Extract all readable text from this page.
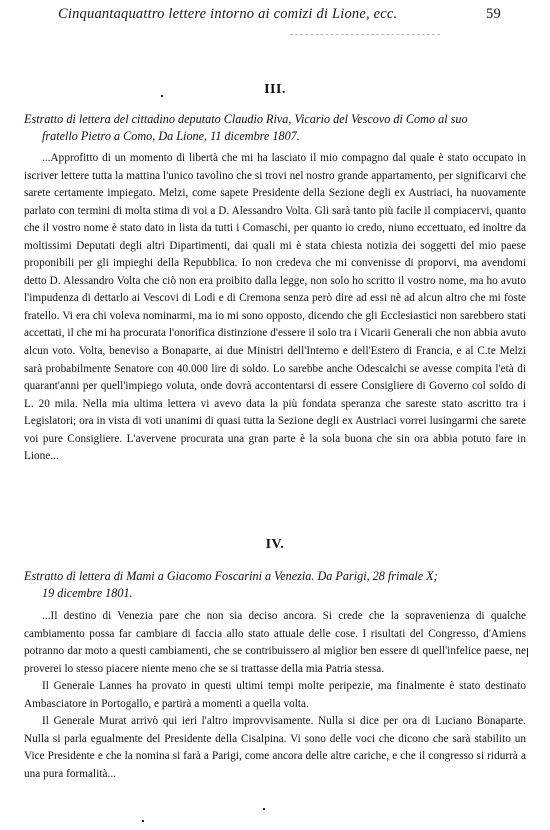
Cinquantaquattro lettere intorno ai comizi di Lione, ecc.	59
III.
Estratto di lettera del cittadino deputato Claudio Riva, Vicario del Vescovo di Como al suo
fratello Pietro a Como, Da Lione, 11 dicembre 1807.

...Approfitto di un momento di libertà che mi ha lasciato il mio compagno dal quale è stato occupato in iscriver lettere tutta la mattina l'unico tavolino che si trovi nel nostro grande appartamento, per significarvi che sarete certamente impiegato. Melzi, come sapete Presidente della Sezione degli ex Austriaci, ha nuovamente parlato con termini di molta stima di voi a D. Alessandro Volta. Gli sarà tanto più facile il compiacervi, quanto che il vostro nome è stato dato in lista da tutti i Comaschi, per quanto io credo, niuno eccettuato, ed inoltre da moltissimi Deputati degli altri Dipartimenti, dai quali mi è stata chiesta notizia dei soggetti del mio paese proponibili per gli impieghi della Repubblica. Io non credeva che mi convenisse di proporvi, ma avendomi detto D. Alessandro Volta che ciò non era proibito dalla legge, non solo ho scritto il vostro nome, ma ho avuto l'impudenza di dettarlo ai Vescovi di Lodi e di Cremona senza però dire ad essi nè ad alcun altro che mi foste fratello. Vi era chi voleva nominarmi, ma io mi sono opposto, dicendo che gli Ecclesiastici non sarebbero stati accettati, il che mi ha procurata l'onorifica distinzione d'essere il solo tra i Vicarii Generali che non abbia avuto alcun voto. Volta, beneviso a Bonaparte, ai due Ministri dell'Interno e dell'Estero di Francia, e al C.te Melzi sarà probabilmente Senatore con 40.000 lire di soldo. Lo sarebbe anche Odescalchi se avesse compita l'età di quarant'anni per quell'impiego voluta, onde dovrà accontentarsi di essere Consigliere di Governo col soldo di L. 20 mila. Nella mia ultima lettera vi avevo data la più fondata speranza che sareste stato ascritto tra i Legislatori; ora in vista di voti unanimi di quasi tutta la Sezione degli ex Austriaci vorrei lusingarmi che sarete voi pure Consigliere. L'avervene procurata una gran parte è la sola buona che sin ora abbia potuto fare in Lione...

IV.
Estratto di lettera di Mami a Giacomo Foscarini a Venezia. Da Parigi, 28 frimale X;
19 dicembre 1801.

...Il destino di Venezia pare che non sia deciso ancora. Si crede che la sopravenienza di qualche cambiamento possa far cambiare di faccia allo stato attuale delle cose. I risultati del Congresso, d'Amiens potranno dar moto a questi cambiamenti, che se contribuissero al miglior ben essere di quell'infelice paese, ne proverei lo stesso piacere niente meno che se si trattasse della mia Patria stessa.

Il Generale Lannes ha provato in questi ultimi tempi molte peripezie, ma finalmente è stato destinato Ambasciatore in Portogallo, e partirà a momenti a quella volta.

Il Generale Murat arrivò qui ieri l'altro improvvisamente. Nulla si dice per ora di Luciano Bonaparte. Nulla si parla egualmente del Presidente della Cisalpina. Vi sono delle voci che dicono che sarà stabilito un Vice Presidente e che la nomina si farà a Parigi, come ancora delle altre cariche, e che il congresso si ridurrà a una pura formalità...
